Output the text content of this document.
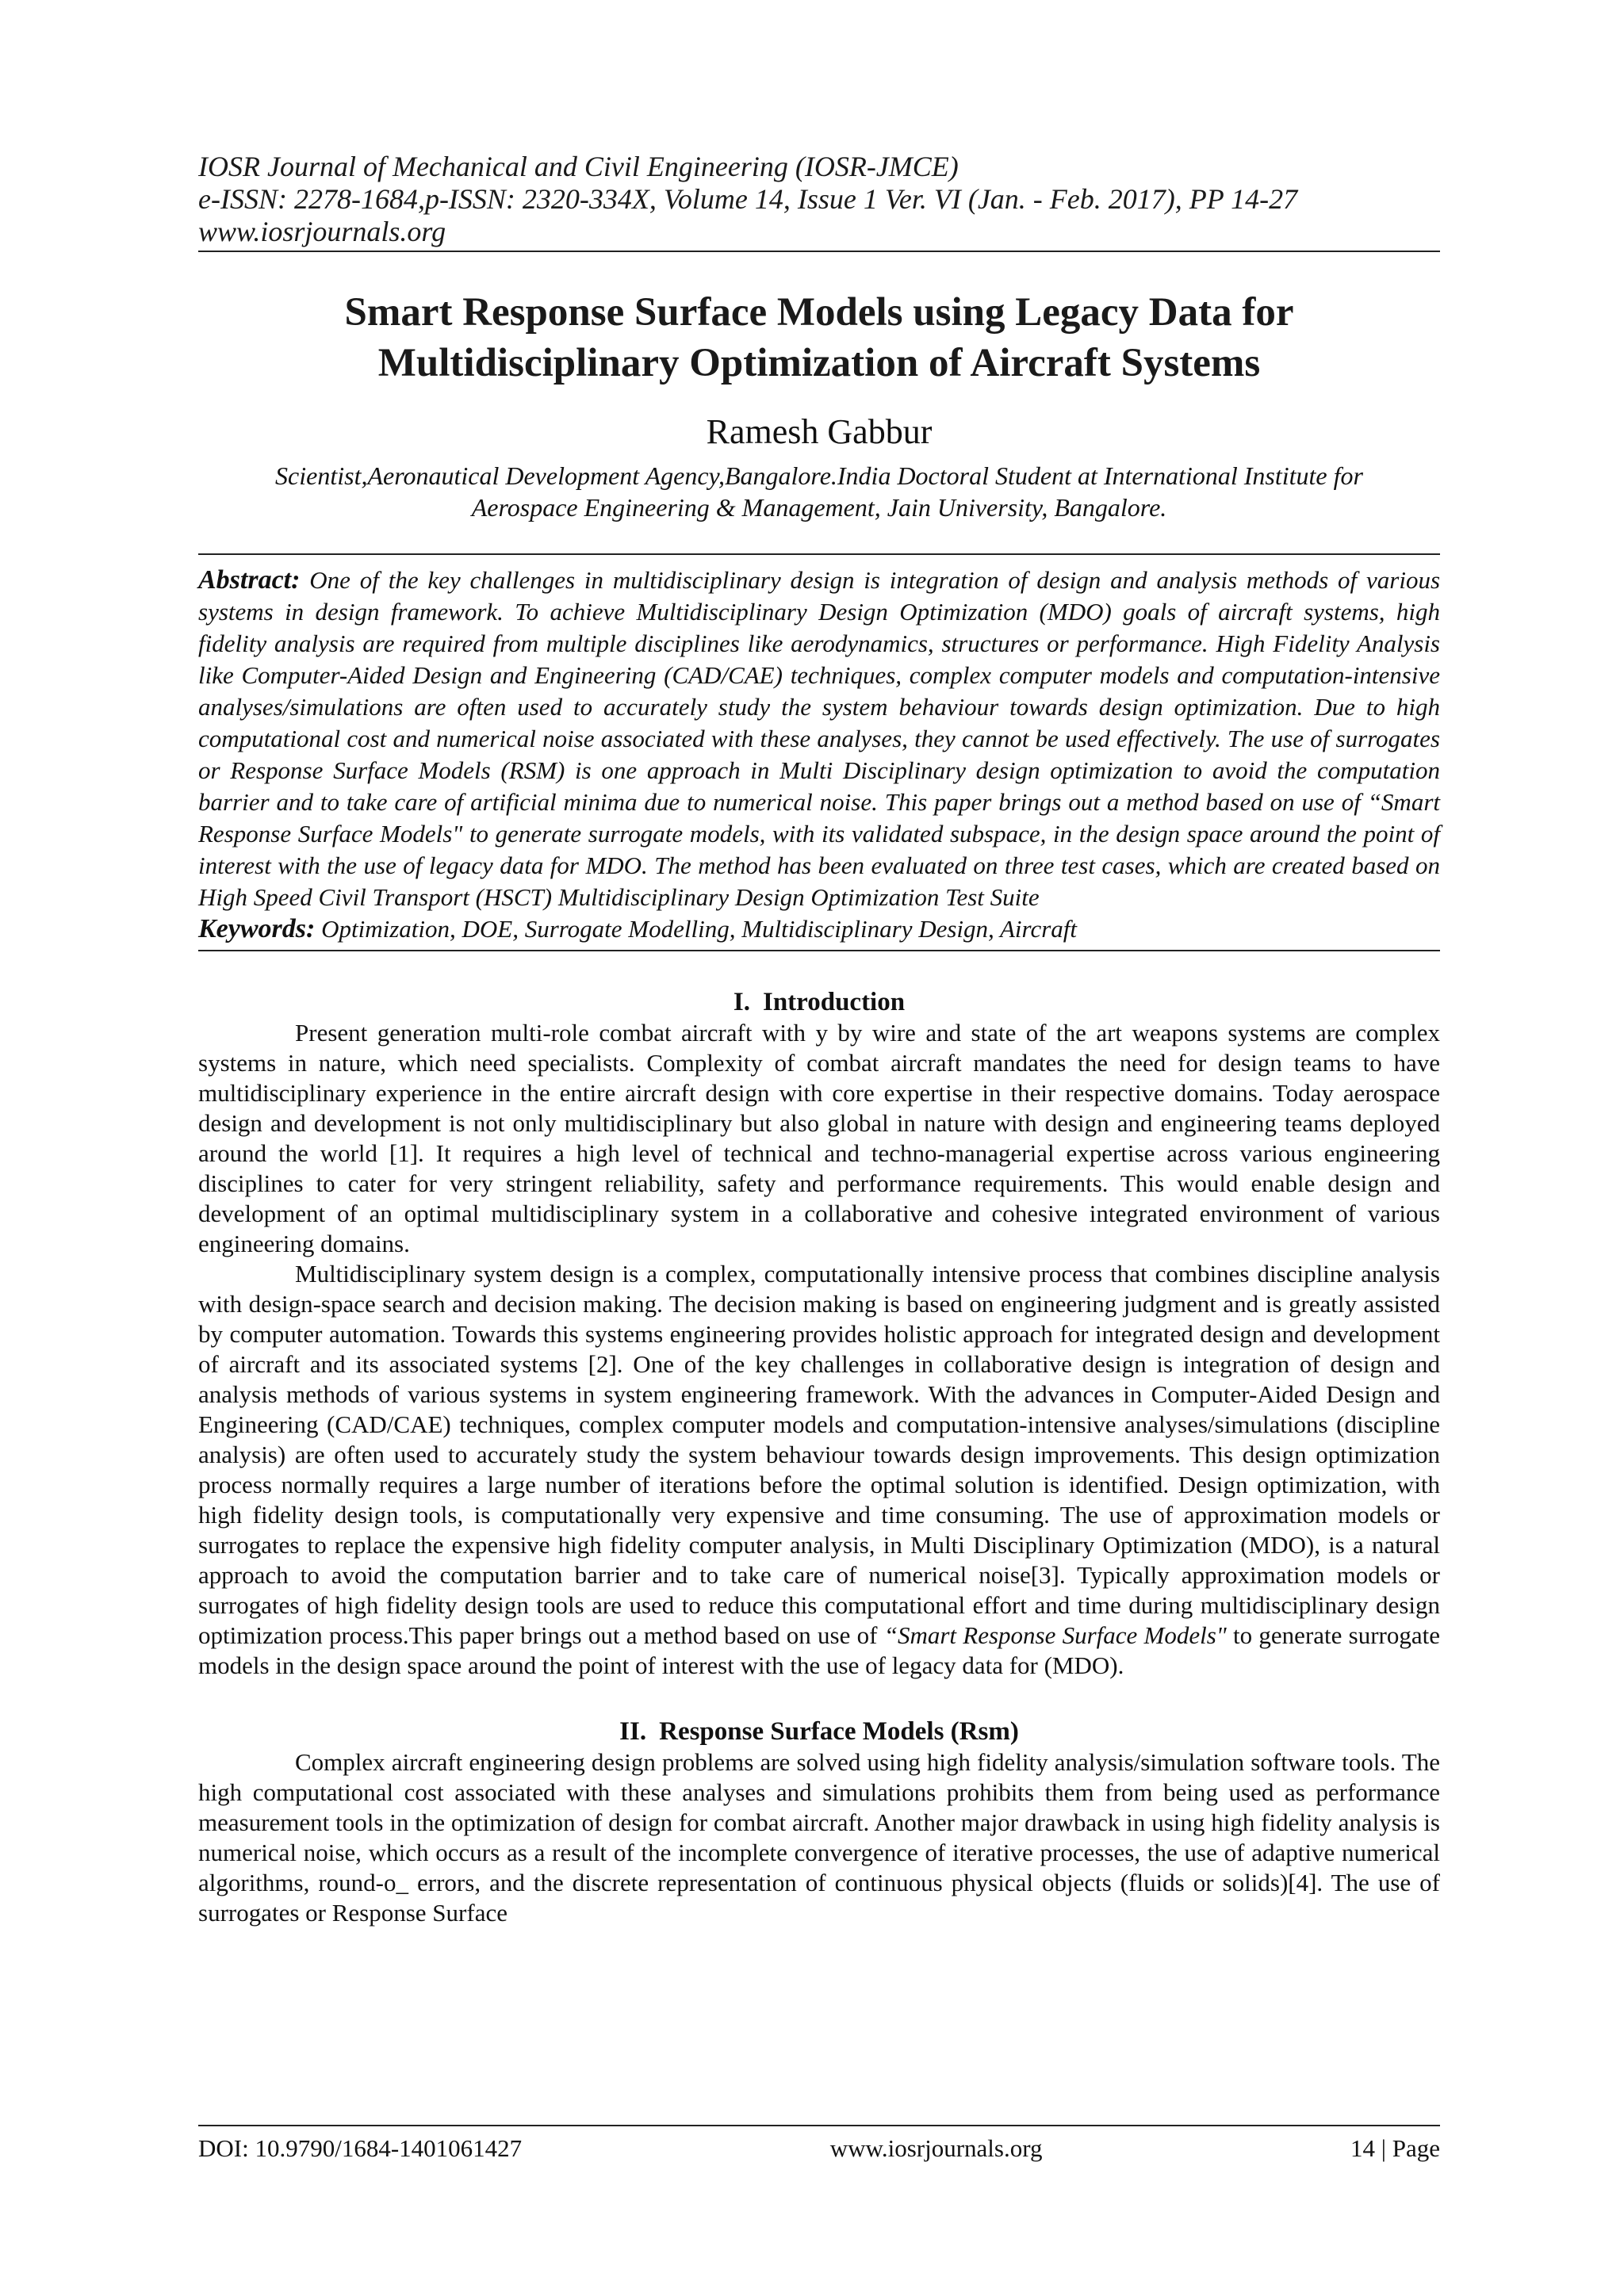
IOSR Journal of Mechanical and Civil Engineering (IOSR-JMCE)
e-ISSN: 2278-1684,p-ISSN: 2320-334X, Volume 14, Issue 1 Ver. VI (Jan. - Feb. 2017), PP 14-27
www.iosrjournals.org
Smart Response Surface Models using Legacy Data for
Multidisciplinary Optimization of Aircraft Systems
Ramesh Gabbur
Scientist,Aeronautical Development Agency,Bangalore.India Doctoral Student at International Institute for
Aerospace Engineering & Management, Jain University, Bangalore.
Abstract: One of the key challenges in multidisciplinary design is integration of design and analysis methods of various systems in design framework. To achieve Multidisciplinary Design Optimization (MDO) goals of aircraft systems, high fidelity analysis are required from multiple disciplines like aerodynamics, structures or performance. High Fidelity Analysis like Computer-Aided Design and Engineering (CAD/CAE) techniques, complex computer models and computation-intensive analyses/simulations are often used to accurately study the system behaviour towards design optimization. Due to high computational cost and numerical noise associated with these analyses, they cannot be used effectively. The use of surrogates or Response Surface Models (RSM) is one approach in Multi Disciplinary design optimization to avoid the computation barrier and to take care of artificial minima due to numerical noise. This paper brings out a method based on use of “Smart Response Surface Models" to generate surrogate models, with its validated subspace, in the design space around the point of interest with the use of legacy data for MDO. The method has been evaluated on three test cases, which are created based on High Speed Civil Transport (HSCT) Multidisciplinary Design Optimization Test Suite
Keywords: Optimization, DOE, Surrogate Modelling, Multidisciplinary Design, Aircraft
I. Introduction

Present generation multi-role combat aircraft with y by wire and state of the art weapons systems are complex systems in nature, which need specialists. Complexity of combat aircraft mandates the need for design teams to have multidisciplinary experience in the entire aircraft design with core expertise in their respective domains. Today aerospace design and development is not only multidisciplinary but also global in nature with design and engineering teams deployed around the world [1]. It requires a high level of technical and techno-managerial expertise across various engineering disciplines to cater for very stringent reliability, safety and performance requirements. This would enable design and development of an optimal multidisciplinary system in a collaborative and cohesive integrated environment of various engineering domains.

Multidisciplinary system design is a complex, computationally intensive process that combines discipline analysis with design-space search and decision making. The decision making is based on engineering judgment and is greatly assisted by computer automation. Towards this systems engineering provides holistic approach for integrated design and development of aircraft and its associated systems [2]. One of the key challenges in collaborative design is integration of design and analysis methods of various systems in system engineering framework. With the advances in Computer-Aided Design and Engineering (CAD/CAE) techniques, complex computer models and computation-intensive analyses/simulations (discipline analysis) are often used to accurately study the system behaviour towards design improvements. This design optimization process normally requires a large number of iterations before the optimal solution is identified. Design optimization, with high fidelity design tools, is computationally very expensive and time consuming. The use of approximation models or surrogates to replace the expensive high fidelity computer analysis, in Multi Disciplinary Optimization (MDO), is a natural approach to avoid the computation barrier and to take care of numerical noise[3]. Typically approximation models or surrogates of high fidelity design tools are used to reduce this computational effort and time during multidisciplinary design optimization process.This paper brings out a method based on use of “Smart Response Surface Models" to generate surrogate models in the design space around the point of interest with the use of legacy data for (MDO).

II. Response Surface Models (Rsm)

Complex aircraft engineering design problems are solved using high fidelity analysis/simulation software tools. The high computational cost associated with these analyses and simulations prohibits them from being used as performance measurement tools in the optimization of design for combat aircraft. Another major drawback in using high fidelity analysis is numerical noise, which occurs as a result of the incomplete convergence of iterative processes, the use of adaptive numerical algorithms, round-o_ errors, and the discrete representation of continuous physical objects (fluids or solids)[4]. The use of surrogates or Response Surface

DOI: 10.9790/1684-1401061427	www.iosrjournals.org	14 | Page
